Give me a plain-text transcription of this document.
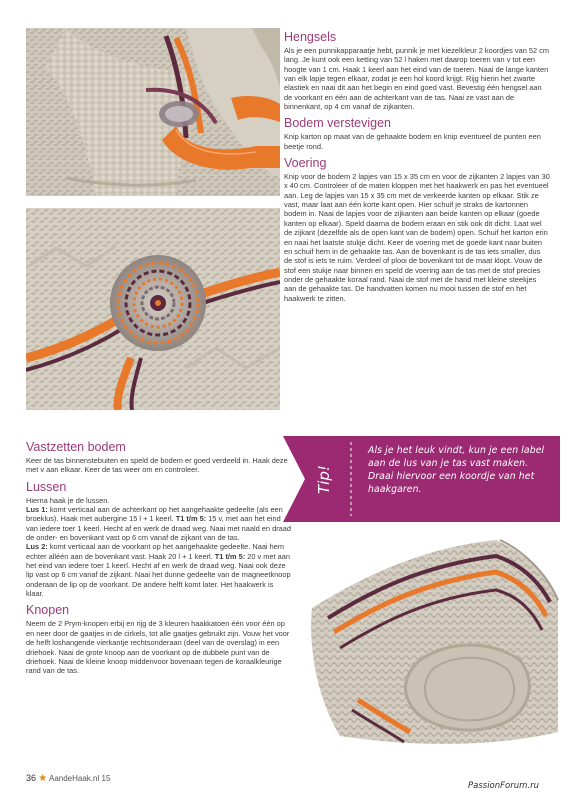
Hengsels

Als je een punnikapparaatje hebt, punnik je met kiezelkleur 2 koordjes van 52 cm lang. Je kunt ook een ketting van 52 l haken met daarop toeren van v tot een hoogte van 1 cm. Haak 1 keerl aan het eind van de toeren. Naai de lange kanten van elk lapje tegen elkaar, zodat je een hol koord krijgt. Rijg hierin het zwarte elastiek en naai dit aan het begin en eind goed vast. Bevestig één hengsel aan de voorkant en één aan de achterkant van de tas. Naai ze vast aan de binnenkant, op 4 cm vanaf de zijkanten.

Bodem verstevigen

Knip karton op maat van de gehaakte bodem en knip eventueel de punten een beetje rond.

Voering

Knip voor de bodem 2 lapjes van 15 x 35 cm en voor de zijkanten 2 lapjes van 30 x 40 cm. Controleer of de maten kloppen met het haakwerk en pas het eventueel aan. Leg de lapjes van 15 x 35 cm met de verkeerde kanten op elkaar. Stik ze vast, maar laat aan één korte kant open. Hier schuif je straks de kartonnen bodem in. Naai de lapjes voor de zijkanten aan beide kanten op elkaar (goede kanten op elkaar). Speld daarna de bodem eraan en stik ook dit dicht. Laat wel de zijkant (dezelfde als de open kant van de bodem) open. Schuif het karton erin en naai het laatste stukje dicht. Keer de voering met de goede kant naar buiten en schuif hem in de gehaakte tas. Aan de bovenkant is de tas iets smaller, dus de stof is iets te ruim. Verdeel of plooi de bovenkant tot de maat klopt. Vouw de stof een stukje naar binnen en speld de voering aan de tas met de stof precies onder de gehaakte koraal rand. Naai de stof met de hand met kleine steekjes aan de gehaakte tas. De handvatten komen nu mooi tussen de stof en het haakwerk te zitten.

Vastzetten bodem

Keer de tas binnenstebuiten en speld de bodem er goed verdeeld in. Haak deze met v aan elkaar. Keer de tas weer om en controleer.

Lussen

Hierna haak je de lussen.

Lus 1: komt verticaal aan de achterkant op het aangehaakte gedeelte (als een broeklus). Haak met aubergine 15 l + 1 keerl. T1 t/m 5: 15 v, met aan het eind van iedere toer 1 keerl. Hecht af en werk de draad weg. Naai met naald en draad de onder- en bovenkant vast op 6 cm vanaf de zijkant van de tas.
Lus 2: komt verticaal aan de voorkant op het aangehaakte gedeelte. Naai hem echter alléén aan de bovenkant vast. Haak 20 l + 1 keerl. T1 t/m 5: 20 v met aan het eind van iedere toer 1 keerl. Hecht af en werk de draad weg. Naai ook deze lip vast op 6 cm vanaf de zijkant. Naai het dunne gedeelte van de magneetknoop onderaan de lip op de voorkant. De andere helft komt later. Het haakwerk is klaar.

Knopen

Neem de 2 Prym-knopen erbij en rijg de 3 kleuren haakkatoen één voor één op en neer door de gaatjes in de cirkels, tot alle gaatjes gebruikt zijn. Vouw het voor de helft loshangende vierkantje rechtsonderaan (deel van de overslag) in een driehoek. Naai de grote knoop aan de voorkant op de dubbele punt van de driehoek. Naai de kleine knoop middenvoor bovenaan tegen de koraalkleurige rand van de tas.

Tip!
Als je het leuk vindt, kun je een label aan de lus van je tas vast maken. Draai hiervoor een koordje van het haakgaren.
36 ★ AandeHaak.nl 15
PassionForum.ru
